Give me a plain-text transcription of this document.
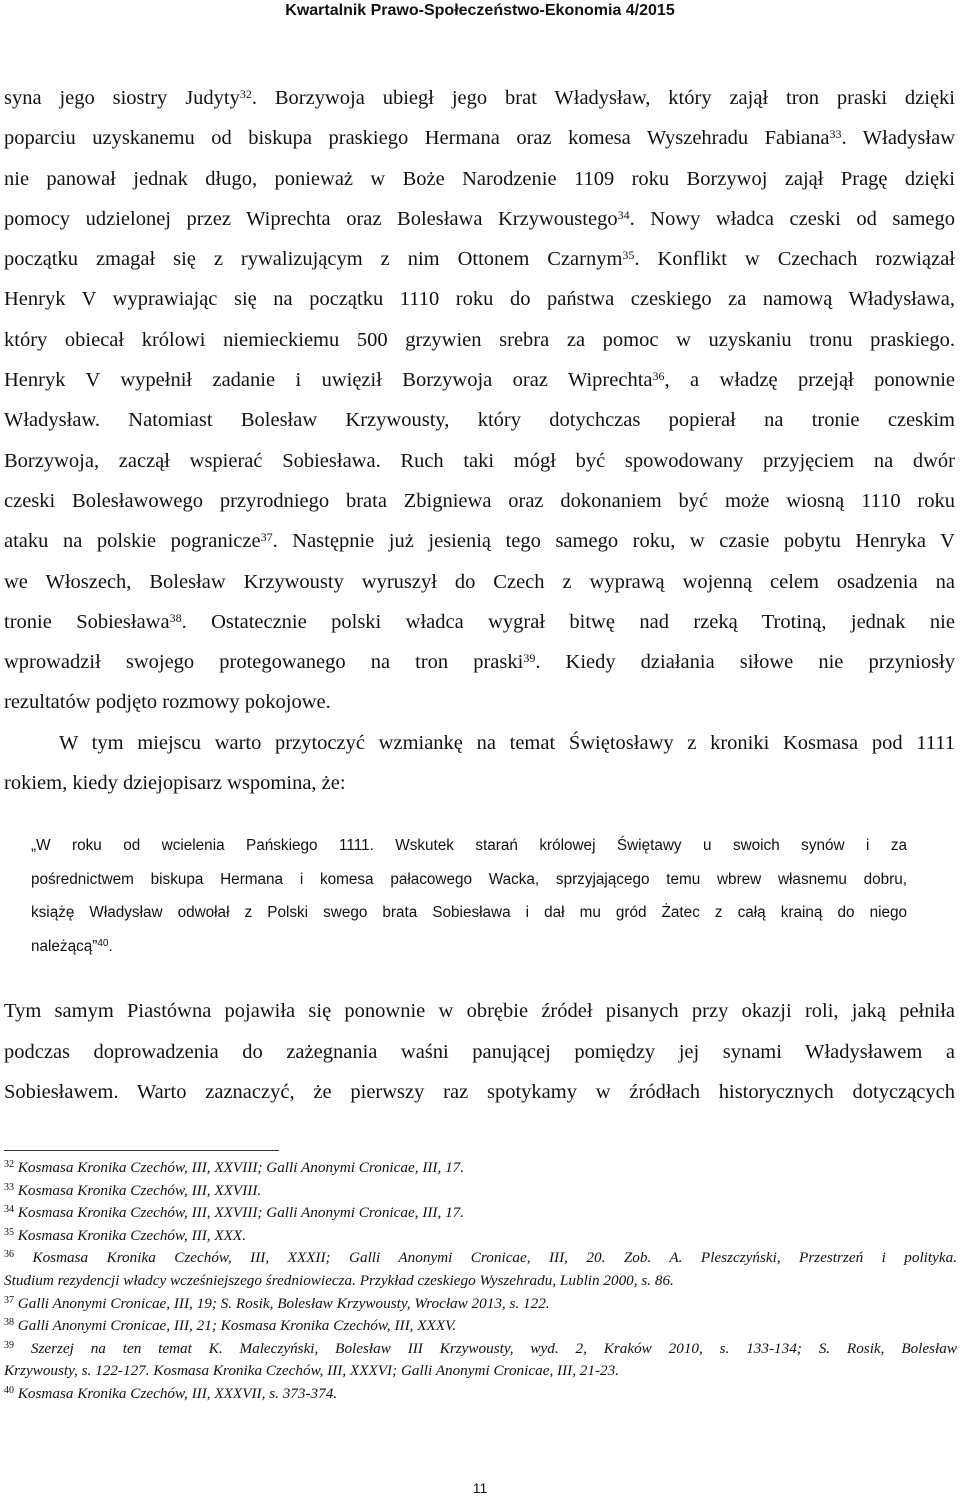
Kwartalnik Prawo-Społeczeństwo-Ekonomia 4/2015
syna jego siostry Judyty$^{32}$. Borzywoja ubiegł jego brat Władysław, który zajął tron praski dzięki
poparciu uzyskanemu od biskupa praskiego Hermana oraz komesa Wyszehradu Fabiana$^{33}$. Władysław
nie panował jednak długo, ponieważ w Boże Narodzenie 1109 roku Borzywoj zajął Pragę dzięki
pomocy udzielonej przez Wiprechta oraz Bolesława Krzywoustego$^{34}$. Nowy władca czeski od samego
początku zmagał się z rywalizującym z nim Ottonem Czarnym$^{35}$. Konflikt w Czechach rozwiązał
Henryk V wyprawiając się na początku 1110 roku do państwa czeskiego za namową Władysława,
który obiecał królowi niemieckiemu 500 grzywien srebra za pomoc w uzyskaniu tronu praskiego.
Henryk V wypełnił zadanie i uwięził Borzywoja oraz Wiprechta$^{36}$, a władzę przejął ponownie
Władysław. Natomiast Bolesław Krzywousty, który dotychczas popierał na tronie czeskim
Borzywoja, zaczął wspierać Sobiesława. Ruch taki mógł być spowodowany przyjęciem na dwór
czeski Bolesławowego przyrodniego brata Zbigniewa oraz dokonaniem być może wiosną 1110 roku
ataku na polskie pogranicze$^{37}$. Następnie już jesienią tego samego roku, w czasie pobytu Henryka V
we Włoszech, Bolesław Krzywousty wyruszył do Czech z wyprawą wojenną celem osadzenia na
tronie Sobiesława$^{38}$. Ostatecznie polski władca wygrał bitwę nad rzeką Trotiną, jednak nie
wprowadził swojego protegowanego na tron praski$^{39}$. Kiedy działania siłowe nie przyniosły
rezultatów podjęto rozmowy pokojowe.
W tym miejscu warto przytoczyć wzmiankę na temat Świętosławy z kroniki Kosmasa pod 1111
rokiem, kiedy dziejopisarz wspomina, że:
„W roku od wcielenia Pańskiego 1111. Wskutek starań królowej Świętawy u swoich synów i za
pośrednictwem biskupa Hermana i komesa pałacowego Wacka, sprzyjającego temu wbrew własnemu dobru,
książę Władysław odwołał z Polski swego brata Sobiesława i dał mu gród Żatec z całą krainą do niego
należącą”$^{40}$.
Tym samym Piastówna pojawiła się ponownie w obrębie źródeł pisanych przy okazji roli, jaką pełniła
podczas doprowadzenia do zażegnania waśni panującej pomiędzy jej synami Władysławem a
Sobiesławem. Warto zaznaczyć, że pierwszy raz spotykamy w źródłach historycznych dotyczących
$^{32}$ Kosmasa Kronika Czechów, III, XXVIII; Galli Anonymi Cronicae, III, 17.
$^{33}$ Kosmasa Kronika Czechów, III, XXVIII.
$^{34}$ Kosmasa Kronika Czechów, III, XXVIII; Galli Anonymi Cronicae, III, 17.
$^{35}$ Kosmasa Kronika Czechów, III, XXX.
$^{36}$ Kosmasa Kronika Czechów, III, XXXII; Galli Anonymi Cronicae, III, 20. Zob. A. Pleszczyński, Przestrzeń i polityka.
Studium rezydencji władcy wcześniejszego średniowiecza. Przykład czeskiego Wyszehradu, Lublin 2000, s. 86.
$^{37}$ Galli Anonymi Cronicae, III, 19; S. Rosik, Bolesław Krzywousty, Wrocław 2013, s. 122.
$^{38}$ Galli Anonymi Cronicae, III, 21; Kosmasa Kronika Czechów, III, XXXV.
$^{39}$ Szerzej na ten temat K. Maleczyński, Bolesław III Krzywousty, wyd. 2, Kraków 2010, s. 133-134; S. Rosik, Bolesław
Krzywousty, s. 122-127. Kosmasa Kronika Czechów, III, XXXVI; Galli Anonymi Cronicae, III, 21-23.
$^{40}$ Kosmasa Kronika Czechów, III, XXXVII, s. 373-374.
11
